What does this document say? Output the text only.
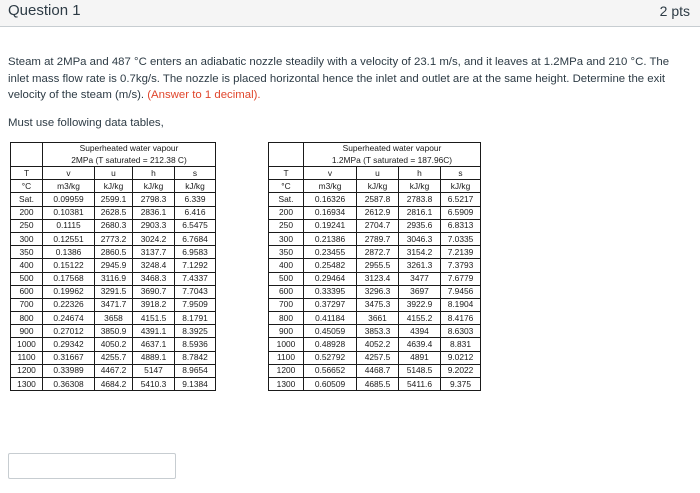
Question 1	2 pts

Steam at 2MPa and 487 °C enters an adiabatic nozzle steadily with a velocity of 23.1 m/s, and it leaves at 1.2MPa and 210 °C. The inlet mass flow rate is 0.7kg/s. The nozzle is placed horizontal hence the inlet and outlet are at the same height. Determine the exit velocity of the steam (m/s). (Answer to 1 decimal).

Must use following data tables,

	Superheated water vapour			
	2MPa (T saturated = 212.38 C)			
T	v	u	h	s
°C	m3/kg	kJ/kg	kJ/kg	kJ/kg
Sat.	0.09959	2599.1	2798.3	6.339
200	0.10381	2628.5	2836.1	6.416
250	0.1115	2680.3	2903.3	6.5475
300	0.12551	2773.2	3024.2	6.7684
350	0.1386	2860.5	3137.7	6.9583
400	0.15122	2945.9	3248.4	7.1292
500	0.17568	3116.9	3468.3	7.4337
600	0.19962	3291.5	3690.7	7.7043
700	0.22326	3471.7	3918.2	7.9509
800	0.24674	3658	4151.5	8.1791
900	0.27012	3850.9	4391.1	8.3925
1000	0.29342	4050.2	4637.1	8.5936
1100	0.31667	4255.7	4889.1	8.7842
1200	0.33989	4467.2	5147	8.9654
1300	0.36308	4684.2	5410.3	9.1384
	Superheated water vapour			
	1.2MPa (T saturated = 187.96C)			
T	v	u	h	s
°C	m3/kg	kJ/kg	kJ/kg	kJ/kg
Sat.	0.16326	2587.8	2783.8	6.5217
200	0.16934	2612.9	2816.1	6.5909
250	0.19241	2704.7	2935.6	6.8313
300	0.21386	2789.7	3046.3	7.0335
350	0.23455	2872.7	3154.2	7.2139
400	0.25482	2955.5	3261.3	7.3793
500	0.29464	3123.4	3477	7.6779
600	0.33395	3296.3	3697	7.9456
700	0.37297	3475.3	3922.9	8.1904
800	0.41184	3661	4155.2	8.4176
900	0.45059	3853.3	4394	8.6303
1000	0.48928	4052.2	4639.4	8.831
1100	0.52792	4257.5	4891	9.0212
1200	0.56652	4468.7	5148.5	9.2022
1300	0.60509	4685.5	5411.6	9.375
